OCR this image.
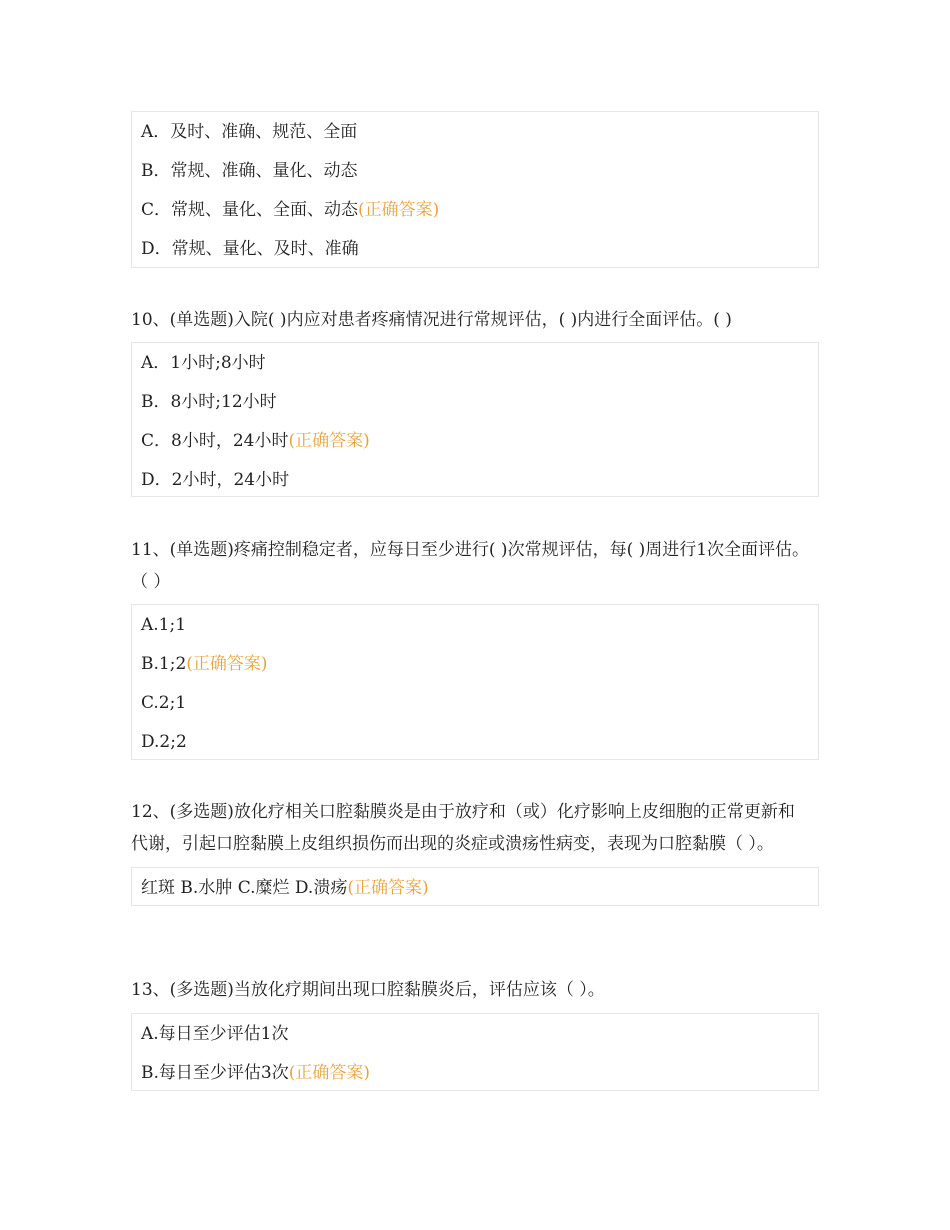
A．及时、准确、规范、全面
B．常规、准确、量化、动态
C．常规、量化、全面、动态(正确答案)
D．常规、量化、及时、准确
10、(单选题)入院( )内应对患者疼痛情况进行常规评估，( )内进行全面评估。( )
A．1小时;8小时
B．8小时;12小时
C．8小时，24小时(正确答案)
D．2小时，24小时
11、(单选题)疼痛控制稳定者，应每日至少进行( )次常规评估，每( )周进行1次全面评估。（ ）
A.1;1
B.1;2(正确答案)
C.2;1
D.2;2
12、(多选题)放化疗相关口腔黏膜炎是由于放疗和（或）化疗影响上皮细胞的正常更新和代谢，引起口腔黏膜上皮组织损伤而出现的炎症或溃疡性病变，表现为口腔黏膜（ ）。
红斑 B.水肿 C.糜烂 D.溃疡(正确答案)
13、(多选题)当放化疗期间出现口腔黏膜炎后，评估应该（ ）。
A.每日至少评估1次
B.每日至少评估3次(正确答案)
